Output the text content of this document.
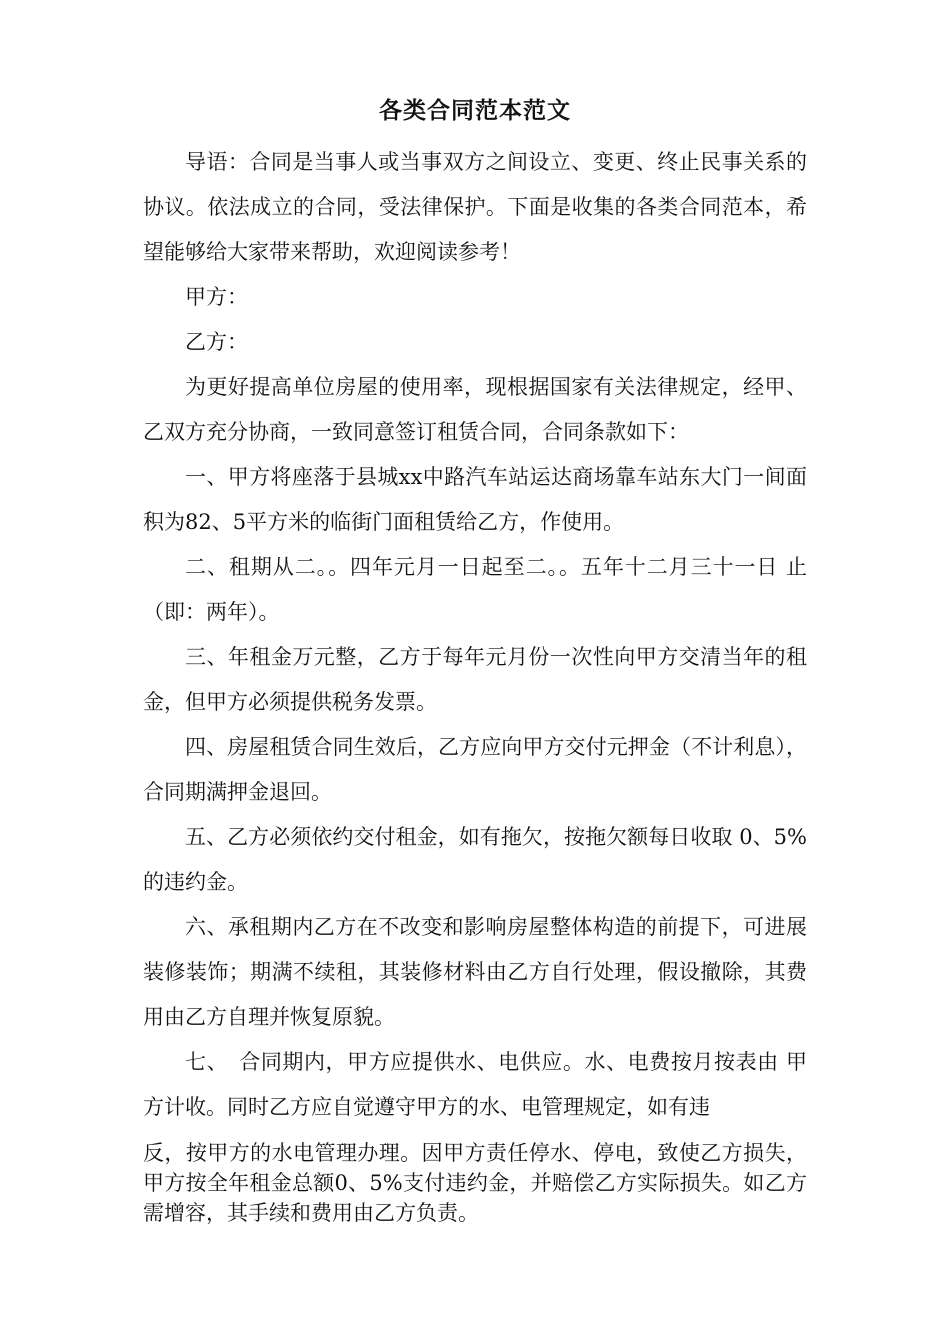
各类合同范本范文

导语：合同是当事人或当事双方之间设立、变更、终止民事关系的协议。依法成立的合同，受法律保护。下面是收集的各类合同范本，希望能够给大家带来帮助，欢迎阅读参考！

甲方：

乙方：

为更好提高单位房屋的使用率，现根据国家有关法律规定，经甲、乙双方充分协商，一致同意签订租赁合同，合同条款如下：

一、甲方将座落于县城xx中路汽车站运达商场靠车站东大门一间面积为82、5平方米的临街门面租赁给乙方，作使用。

二、租期从二。。四年元月一日起至二。。五年十二月三十一日 止（即：两年）。

三、年租金万元整，乙方于每年元月份一次性向甲方交清当年的租金，但甲方必须提供税务发票。

四、房屋租赁合同生效后，乙方应向甲方交付元押金（不计利息），合同期满押金退回。

五、乙方必须依约交付租金，如有拖欠，按拖欠额每日收取 0、5%的违约金。

六、承租期内乙方在不改变和影响房屋整体构造的前提下，可进展装修装饰；期满不续租，其装修材料由乙方自行处理，假设撤除，其费用由乙方自理并恢复原貌。

七、　合同期内，甲方应提供水、电供应。水、电费按月按表由 甲方计收。同时乙方应自觉遵守甲方的水、电管理规定，如有违

反，按甲方的水电管理办理。因甲方责任停水、停电，致使乙方损失，甲方按全年租金总额0、5%支付违约金，并赔偿乙方实际损失。如乙方需增容，其手续和费用由乙方负责。
